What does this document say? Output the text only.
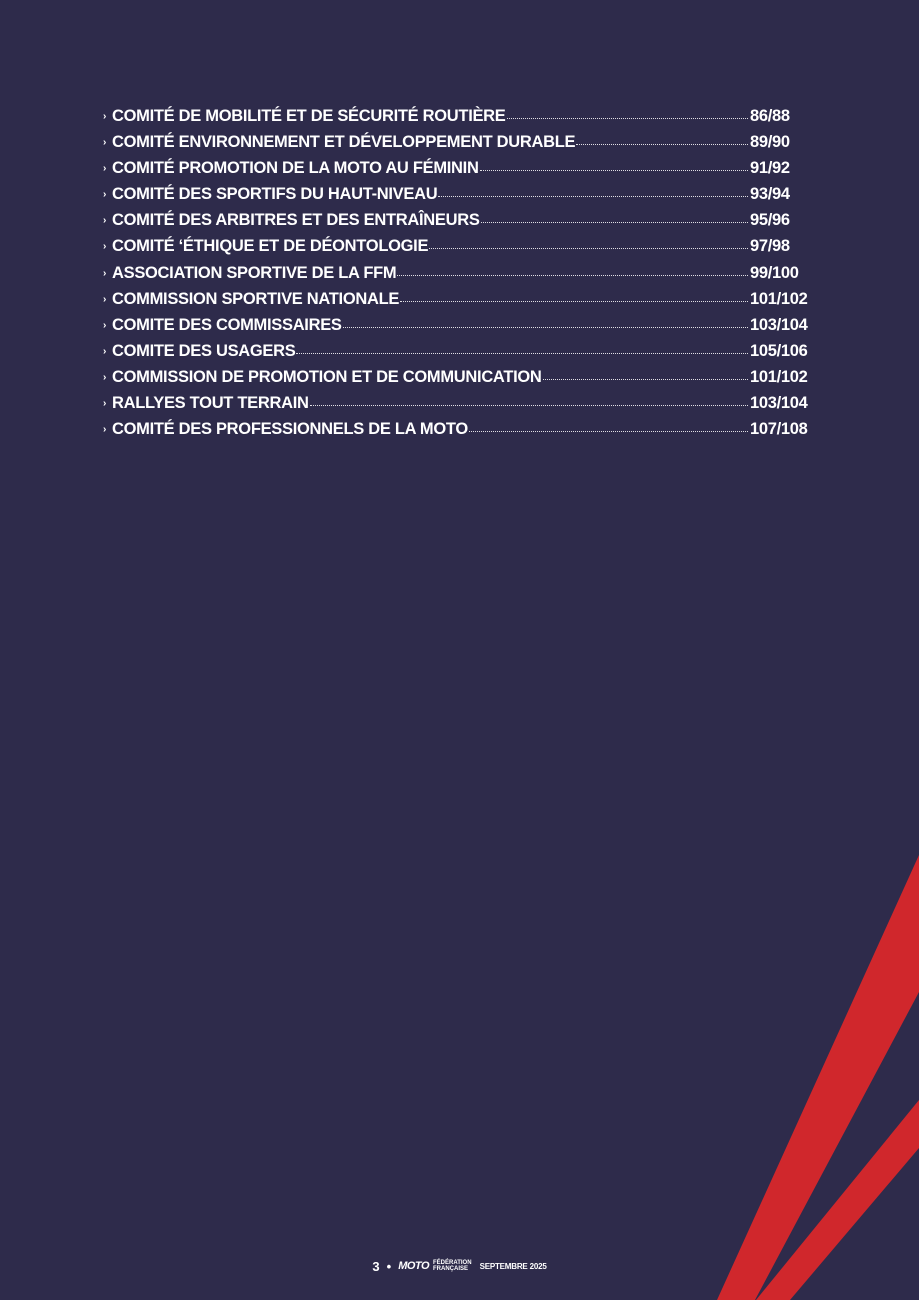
› COMITÉ DE MOBILITÉ ET DE SÉCURITÉ ROUTIÈRE	86/88
› COMITÉ ENVIRONNEMENT ET DÉVELOPPEMENT DURABLE	89/90
› COMITÉ PROMOTION DE LA MOTO AU FÉMININ	91/92
› COMITÉ DES SPORTIFS DU HAUT-NIVEAU	93/94
› COMITÉ DES ARBITRES ET DES ENTRAÎNEURS	95/96
› COMITÉ ‘ÉTHIQUE ET DE DÉONTOLOGIE	97/98
› ASSOCIATION SPORTIVE DE LA FFM	99/100
› COMMISSION SPORTIVE NATIONALE	101/102
› COMITE DES COMMISSAIRES	103/104
› COMITE DES USAGERS	105/106
› COMMISSION DE PROMOTION ET DE COMMUNICATION	101/102
› RALLYES TOUT TERRAIN	103/104
› COMITÉ DES PROFESSIONNELS DE LA MOTO	107/108
3 • MOTO FÉDÉRATION
FRANÇAISE	SEPTEMBRE 2025
